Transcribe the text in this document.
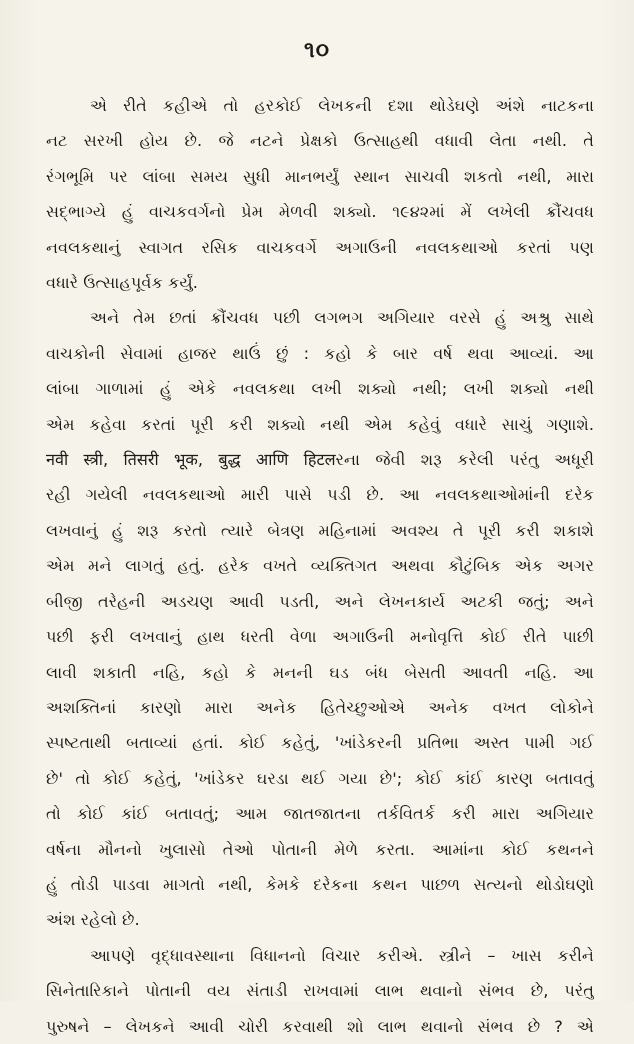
૧૦
એ રીતે કહીએ તો હરકોઈ લેખકની દશા થોડેઘણે અંશે નાટકના
નટ સરખી હોય છે. જે નટને પ્રેક્ષકો ઉત્સાહથી વધાવી લેતા નથી. તે
રંગભૂમિ પર લાંબા સમય સુધી માનભર્યું સ્થાન સાચવી શકતો નથી, મારા
સદ્ભાગ્યે હું વાચકવર્ગનો પ્રેમ મેળવી શક્યો. ૧૯૪૨માં મેં લખેલી ક્રૌંચવધ
નવલકથાનું સ્વાગત રસિક વાચકવર્ગે અગાઉની નવલકથાઓ કરતાં પણ
વધારે ઉત્સાહપૂર્વક કર્યું.
અને તેમ છતાં ક્રૌંચવધ પછી લગભગ અગિયાર વરસે હું અશ્રુ સાથે
વાચકોની સેવામાં હાજર થાઉં છું : કહો કે બાર વર્ષ થવા આવ્યાં. આ
લાંબા ગાળામાં હું એકે નવલકથા લખી શક્યો નથી; લખી શક્યો નથી
એમ કહેવા કરતાં પૂરી કરી શક્યો નથી એમ કહેવું વધારે સાચું ગણાશે.
नवी स्त्री, तिसरी भूक, बुद्ध आणि हिटलરના જેવી શરૂ કરેલી પરંતુ અધૂરી
રહી ગયેલી નવલકથાઓ મારી પાસે પડી છે. આ નવલકથાઓમાંની દરેક
લખવાનું હું શરૂ કરતો ત્યારે બેત્રણ મહિનામાં અવશ્ય તે પૂરી કરી શકાશે
એમ મને લાગતું હતું. હરેક વખતે વ્યક્તિગત અથવા કૌટુંબિક એક અગર
બીજી તરેહની અડચણ આવી પડતી, અને લેખનકાર્ય અટકી જતું; અને
પછી ફરી લખવાનું હાથ ધરતી વેળા અગાઉની મનોવૃત્તિ કોઈ રીતે પાછી
લાવી શકાતી નહિ, કહો કે મનની ઘડ બંધ બેસતી આવતી નહિ. આ
અશક્તિનાં કારણો મારા અનેક હિતેચ્છુઓએ અનેક વખત લોકોને
સ્પષ્ટતાથી બતાવ્યાં હતાં. કોઈ કહેતું, 'ખાંડેકરની પ્રતિભા અસ્ત પામી ગઈ
છે' તો કોઈ કહેતું, 'ખાંડેકર ઘરડા થઈ ગયા છે'; કોઈ કાંઈ કારણ બતાવતું
તો કોઈ કાંઈ બતાવતું; આમ જાતજાતના તર્કવિતર્ક કરી મારા અગિયાર
વર્ષના મૌનનો ખુલાસો તેઓ પોતાની મેળે કરતા. આમાંના કોઈ કથનને
હું તોડી પાડવા માગતો નથી, કેમકે દરેકના કથન પાછળ સત્યનો થોડોઘણો
અંશ રહેલો છે.
આપણે વૃદ્ધાવસ્થાના વિધાનનો વિચાર કરીએ. સ્ત્રીને – ખાસ કરીને
સિનેતારિકાને પોતાની વય સંતાડી રાખવામાં લાભ થવાનો સંભવ છે, પરંતુ
પુરુષને – લેખકને આવી ચોરી કરવાથી શો લાભ થવાનો સંભવ છે ? એ
